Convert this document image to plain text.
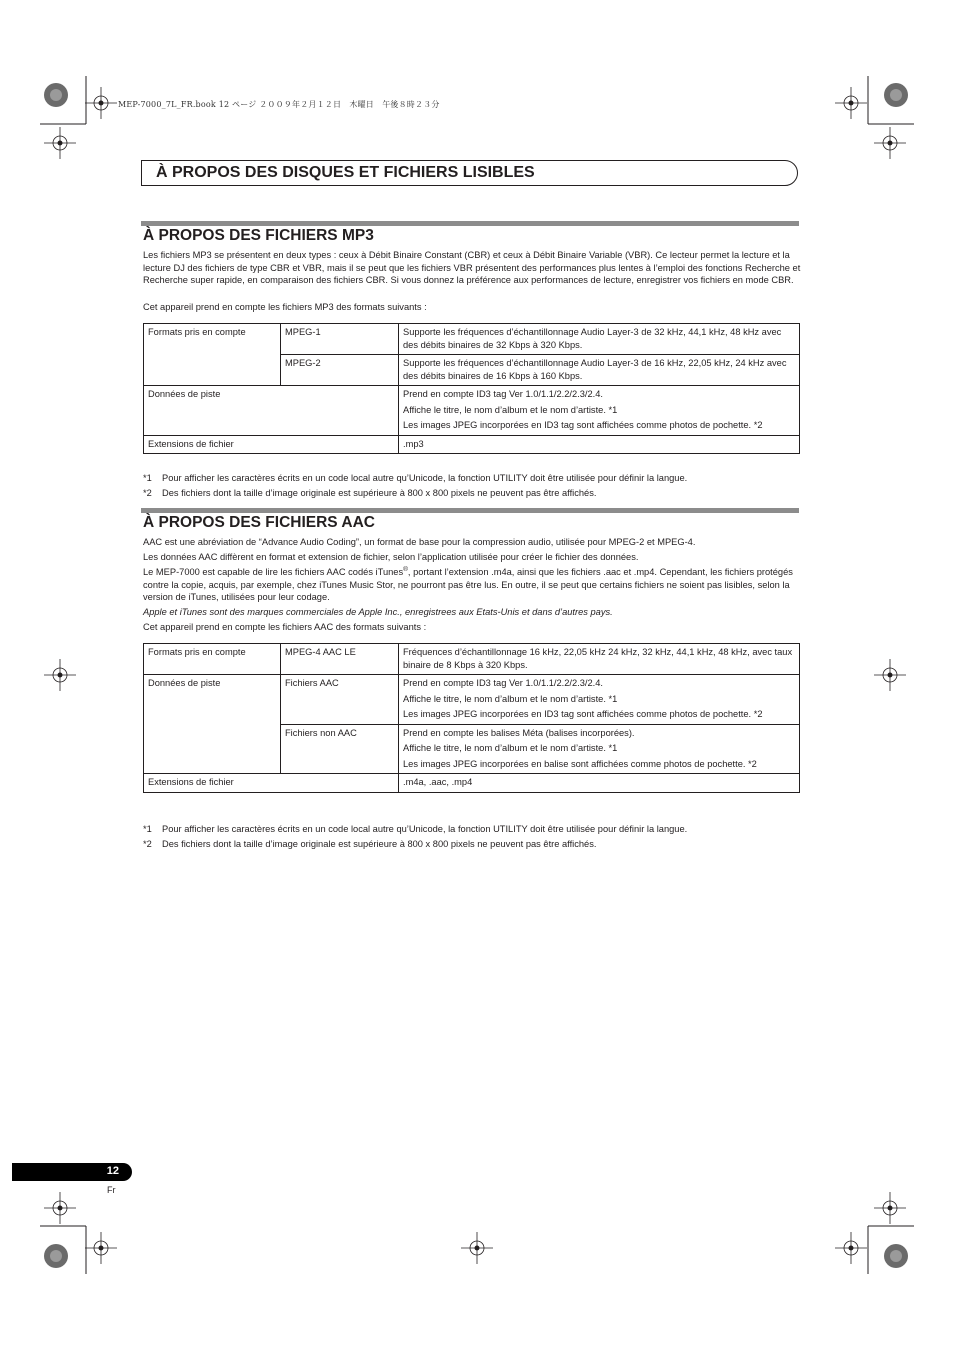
MEP-7000_7L_FR.book 12 ページ ２００９年２月１２日　木曜日　午後８時２３分
À PROPOS DES DISQUES ET FICHIERS LISIBLES
À PROPOS DES FICHIERS MP3

Les fichiers MP3 se présentent en deux types : ceux à Débit Binaire Constant (CBR) et ceux à Débit Binaire Variable (VBR). Ce lecteur permet la lecture et la lecture DJ des fichiers de type CBR et VBR, mais il se peut que les fichiers VBR présentent des performances plus lentes à l’emploi des fonctions Recherche et Recherche super rapide, en comparaison des fichiers CBR. Si vous donnez la préférence aux performances de lecture, enregistrer vos fichiers en mode CBR.

Cet appareil prend en compte les fichiers MP3 des formats suivants :

Formats pris en compte	MPEG-1	Supporte les fréquences d’échantillonnage Audio Layer-3 de 32 kHz, 44,1 kHz, 48 kHz avec des débits binaires de 32 Kbps à 320 Kbps.
	MPEG-2	Supporte les fréquences d’échantillonnage Audio Layer-3 de 16 kHz, 22,05 kHz, 24 kHz avec des débits binaires de 16 Kbps à 160 Kbps.
Données de piste		Prend en compte ID3 tag Ver 1.0/1.1/2.2/2.3/2.4.
Affiche le titre, le nom d’album et le nom d’artiste. *1
Les images JPEG incorporées en ID3 tag sont affichées comme photos de pochette. *2

Extensions de fichier		.mp3
*1 Pour afficher les caractères écrits en un code local autre qu’Unicode, la fonction UTILITY doit être utilisée pour définir la langue.
*2 Des fichiers dont la taille d’image originale est supérieure à 800 x 800 pixels ne peuvent pas être affichés.
À PROPOS DES FICHIERS AAC

AAC est une abréviation de “Advance Audio Coding”, un format de base pour la compression audio, utilisée pour MPEG-2 et MPEG-4.

Les données AAC diffèrent en format et extension de fichier, selon l’application utilisée pour créer le fichier des données.

Le MEP-7000 est capable de lire les fichiers AAC codés iTunes®, portant l’extension .m4a, ainsi que les fichiers .aac et .mp4. Cependant, les fichiers protégés contre la copie, acquis, par exemple, chez iTunes Music Stor, ne pourront pas être lus. En outre, il se peut que certains fichiers ne soient pas lisibles, selon la version de iTunes, utilisées pour leur codage.

Apple et iTunes sont des marques commerciales de Apple Inc., enregistrees aux Etats-Unis et dans d’autres pays.

Cet appareil prend en compte les fichiers AAC des formats suivants :

Formats pris en compte	MPEG-4 AAC LE	Fréquences d’échantillonnage 16 kHz, 22,05 kHz 24 kHz, 32 kHz, 44,1 kHz, 48 kHz, avec taux binaire de 8 Kbps à 320 Kbps.
Données de piste	Fichiers AAC	Prend en compte ID3 tag Ver 1.0/1.1/2.2/2.3/2.4.
Affiche le titre, le nom d’album et le nom d’artiste. *1
Les images JPEG incorporées en ID3 tag sont affichées comme photos de pochette. *2

	Fichiers non AAC	Prend en compte les balises Méta (balises incorporées).
Affiche le titre, le nom d’album et le nom d’artiste. *1
Les images JPEG incorporées en balise sont affichées comme photos de pochette. *2

Extensions de fichier		.m4a, .aac, .mp4
*1 Pour afficher les caractères écrits en un code local autre qu’Unicode, la fonction UTILITY doit être utilisée pour définir la langue.
*2 Des fichiers dont la taille d’image originale est supérieure à 800 x 800 pixels ne peuvent pas être affichés.
12
Fr
